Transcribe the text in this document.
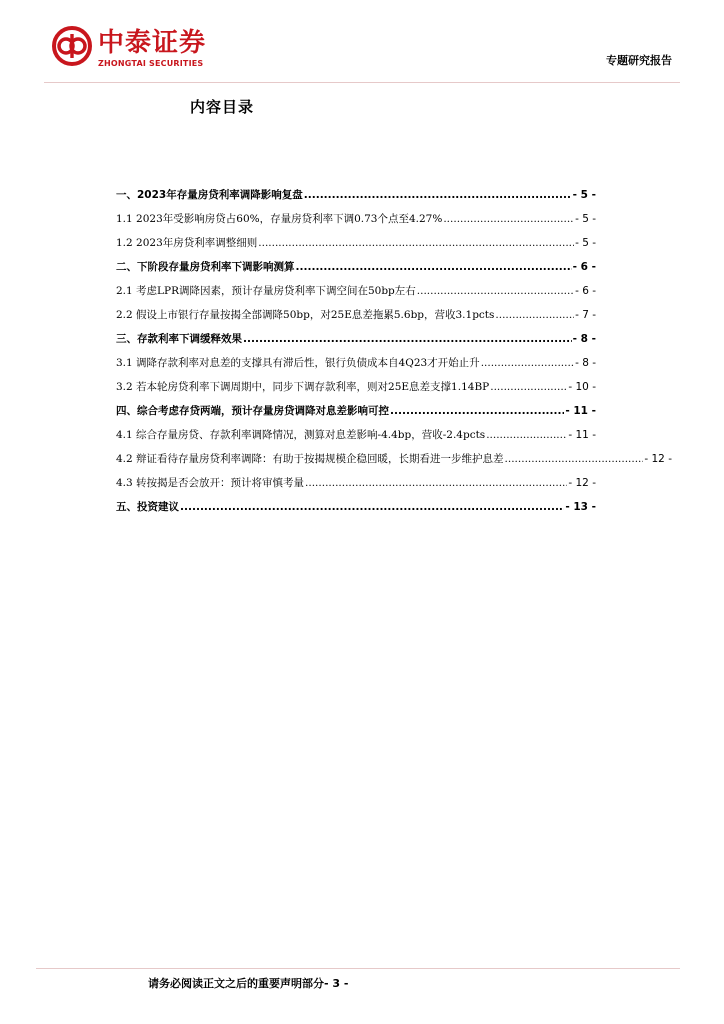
中泰证券
ZHONGTAI SECURITIES	专题研究报告
内容目录
一、2023年存量房贷利率调降影响复盘 .....	- 5 -
1.1 2023年受影响房贷占60%，存量房贷利率下调0.73个点至4.27% .....	- 5 -
1.2 2023年房贷利率调整细则 .....	- 5 -
二、下阶段存量房贷利率下调影响测算 .....	- 6 -
2.1 考虑LPR调降因素，预计存量房贷利率下调空间在50bp左右 .....	- 6 -
2.2 假设上市银行存量按揭全部调降50bp，对25E息差拖累5.6bp，营收3.1pcts .....	- 7 -
三、存款利率下调缓释效果 .....	- 8 -
3.1 调降存款利率对息差的支撑具有滞后性，银行负债成本自4Q23才开始止升 .....	- 8 -
3.2 若本轮房贷利率下调周期中，同步下调存款利率，则对25E息差支撑1.14BP .....	- 10 -
四、综合考虑存贷两端，预计存量房贷调降对息差影响可控 .....	- 11 -
4.1 综合存量房贷、存款利率调降情况，测算对息差影响-4.4bp，营收-2.4pcts .....	- 11 -
4.2 辩证看待存量房贷利率调降：有助于按揭规模企稳回暖，长期看进一步维护息差 .....	- 12 -
4.3 转按揭是否会放开：预计将审慎考量 .....	- 12 -
五、投资建议 .....	- 13 -
请务必阅读正文之后的重要声明部分- 3 -
